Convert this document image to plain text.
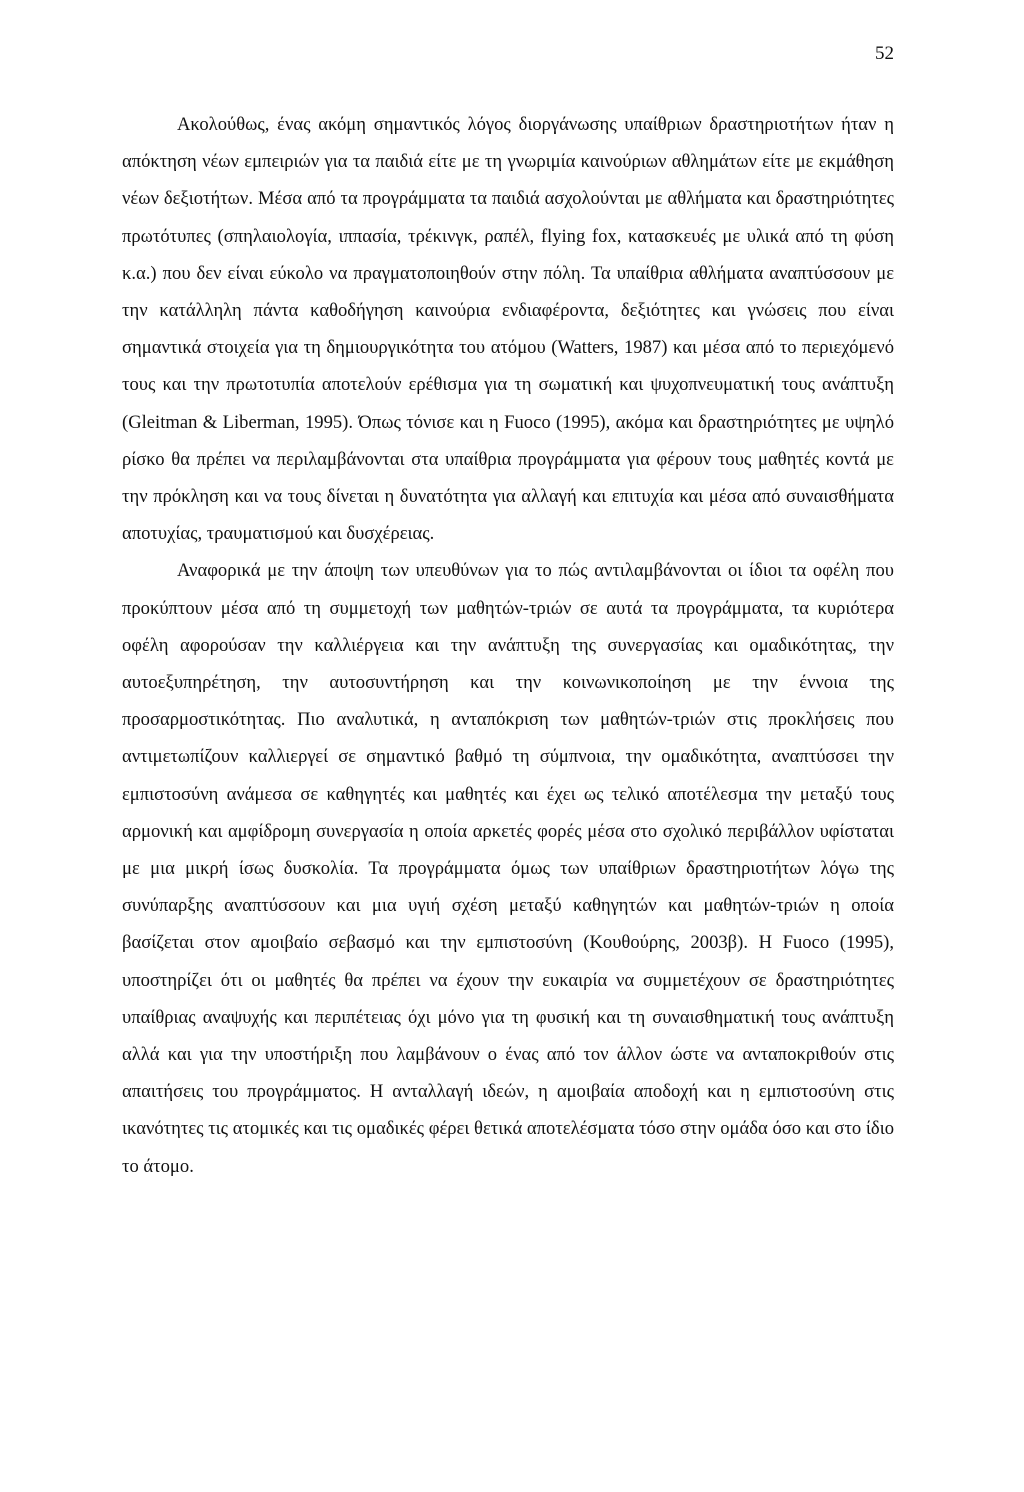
52

Ακολούθως, ένας ακόμη σημαντικός λόγος διοργάνωσης υπαίθριων δραστηριοτήτων ήταν η απόκτηση νέων εμπειριών για τα παιδιά είτε με τη γνωριμία καινούριων αθλημάτων είτε με εκμάθηση νέων δεξιοτήτων. Μέσα από τα προγράμματα τα παιδιά ασχολούνται με αθλήματα και δραστηριότητες πρωτότυπες (σπηλαιολογία, ιππασία, τρέκινγκ, ραπέλ, flying fox, κατασκευές με υλικά από τη φύση κ.α.) που δεν είναι εύκολο να πραγματοποιηθούν στην πόλη. Τα υπαίθρια αθλήματα αναπτύσσουν με την κατάλληλη πάντα καθοδήγηση καινούρια ενδιαφέροντα, δεξιότητες και γνώσεις που είναι σημαντικά στοιχεία για τη δημιουργικότητα του ατόμου (Watters, 1987) και μέσα από το περιεχόμενό τους και την πρωτοτυπία αποτελούν ερέθισμα για τη σωματική και ψυχοπνευματική τους ανάπτυξη (Gleitman & Liberman, 1995). Όπως τόνισε και η Fuoco (1995), ακόμα και δραστηριότητες με υψηλό ρίσκο θα πρέπει να περιλαμβάνονται στα υπαίθρια προγράμματα για φέρουν τους μαθητές κοντά με την πρόκληση και να τους δίνεται η δυνατότητα για αλλαγή και επιτυχία και μέσα από συναισθήματα αποτυχίας, τραυματισμού και δυσχέρειας.

Αναφορικά με την άποψη των υπευθύνων για το πώς αντιλαμβάνονται οι ίδιοι τα οφέλη που προκύπτουν μέσα από τη συμμετοχή των μαθητών-τριών σε αυτά τα προγράμματα, τα κυριότερα οφέλη αφορούσαν την καλλιέργεια και την ανάπτυξη της συνεργασίας και ομαδικότητας, την αυτοεξυπηρέτηση, την αυτοσυντήρηση και την κοινωνικοποίηση με την έννοια της προσαρμοστικότητας. Πιο αναλυτικά, η ανταπόκριση των μαθητών-τριών στις προκλήσεις που αντιμετωπίζουν καλλιεργεί σε σημαντικό βαθμό τη σύμπνοια, την ομαδικότητα, αναπτύσσει την εμπιστοσύνη ανάμεσα σε καθηγητές και μαθητές και έχει ως τελικό αποτέλεσμα την μεταξύ τους αρμονική και αμφίδρομη συνεργασία η οποία αρκετές φορές μέσα στο σχολικό περιβάλλον υφίσταται με μια μικρή ίσως δυσκολία. Τα προγράμματα όμως των υπαίθριων δραστηριοτήτων λόγω της συνύπαρξης αναπτύσσουν και μια υγιή σχέση μεταξύ καθηγητών και μαθητών-τριών η οποία βασίζεται στον αμοιβαίο σεβασμό και την εμπιστοσύνη (Κουθούρης, 2003β). Η Fuoco (1995), υποστηρίζει ότι οι μαθητές θα πρέπει να έχουν την ευκαιρία να συμμετέχουν σε δραστηριότητες υπαίθριας αναψυχής και περιπέτειας όχι μόνο για τη φυσική και τη συναισθηματική τους ανάπτυξη αλλά και για την υποστήριξη που λαμβάνουν ο ένας από τον άλλον ώστε να ανταποκριθούν στις απαιτήσεις του προγράμματος. Η ανταλλαγή ιδεών, η αμοιβαία αποδοχή και η εμπιστοσύνη στις ικανότητες τις ατομικές και τις ομαδικές φέρει θετικά αποτελέσματα τόσο στην ομάδα όσο και στο ίδιο το άτομο.
